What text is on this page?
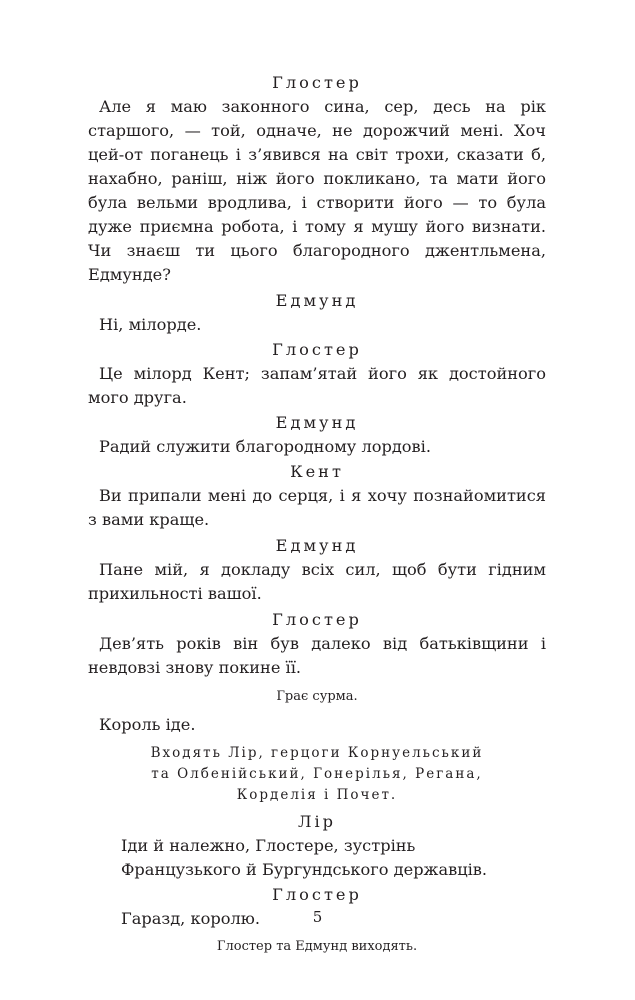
Глостер
Але я маю законного сина, сер, десь на рік старшого, — той, одначе, не дорожчий мені. Хоч цей-от поганець і з’явився на світ трохи, сказати б, нахабно, раніш, ніж його покликано, та мати його була вельми вродлива, і створити його — то була дуже приємна робота, і тому я мушу його визнати. Чи знаєш ти цього благородного джентльмена, Едмунде?
Едмунд
Ні, мілорде.
Глостер
Це мілорд Кент; запам’ятай його як достойного мого друга.
Едмунд
Радий служити благородному лордові.
Кент
Ви припали мені до серця, і я хочу познайомитися з вами краще.
Едмунд
Пане мій, я докладу всіх сил, щоб бути гідним прихильності вашої.
Глостер
Дев’ять років він був далеко від батьківщини і невдовзі знову покине її.
Грає сурма.
Король іде.
Входять Лір, герцоги Корнуельський
та Олбенійський, Гонерілья, Регана,
Корделія і Почет.
Лір
Іди й належно, Глостере, зустрінь
Французького й Бургундського державців.
Глостер
Гаразд, королю.
Глостер та Едмунд виходять.
5
